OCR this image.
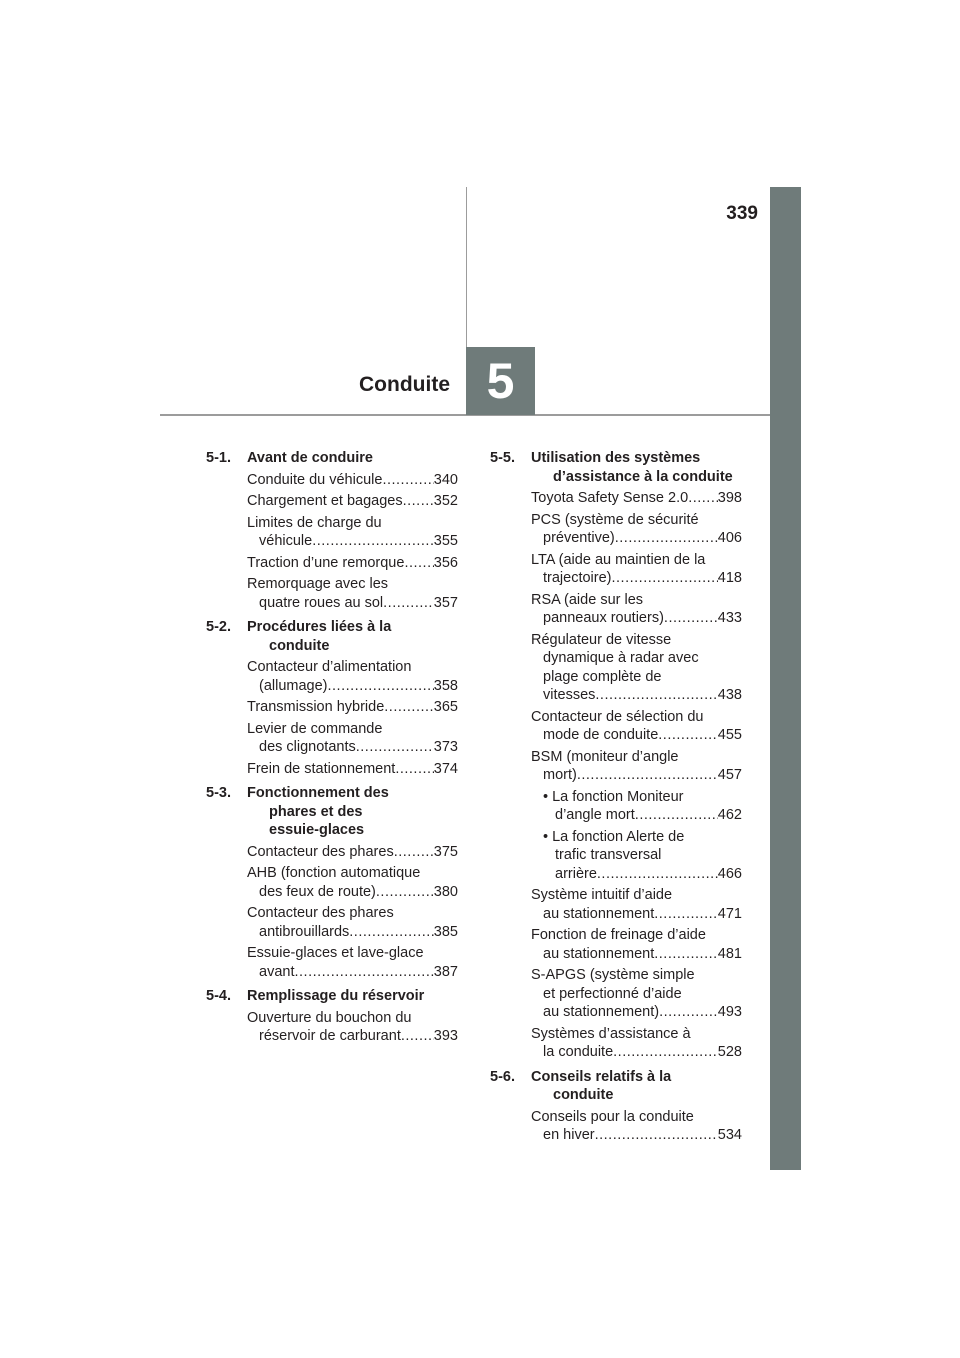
339
5
Conduite
5-1. Avant de conduire
Conduite du véhicule .....	340
Chargement et bagages ..... 352
Limites de charge du
véhicule .....	355
Traction d’une remorque ..... 356
Remorquage avec les
quatre roues au sol .....	357
5-2. Procédures liées à la
conduite
Contacteur d’alimentation
(allumage) .....	358
Transmission hybride .....	365
Levier de commande
des clignotants .....	373
Frein de stationnement .....	374
5-3. Fonctionnement des
phares et des
essuie-glaces
Contacteur des phares .....	375
AHB (fonction automatique
des feux de route) .....	380
Contacteur des phares
antibrouillards .....	385
Essuie-glaces et lave-glace
avant .....	387
5-4. Remplissage du réservoir
Ouverture du bouchon du
réservoir de carburant ..... 393
5-5. Utilisation des systèmes
d’assistance à la conduite
Toyota Safety Sense 2.0 ..... 398
PCS (système de sécurité
préventive) .....	406
LTA (aide au maintien de la
trajectoire) .....	418
RSA (aide sur les
panneaux routiers) .....	433
Régulateur de vitesse
dynamique à radar avec
plage complète de
vitesses .....	438
Contacteur de sélection du
mode de conduite .....	455
BSM (moniteur d’angle
mort) .....	457
• La fonction Moniteur
d’angle mort .....	462
• La fonction Alerte de
trafic transversal
arrière .....	466
Système intuitif d’aide
au stationnement .....	471
Fonction de freinage d’aide
au stationnement .....	481
S-APGS (système simple
et perfectionné d’aide
au stationnement) .....	493
Systèmes d’assistance à
la conduite .....	528
5-6. Conseils relatifs à la
conduite
Conseils pour la conduite
en hiver .....	534
